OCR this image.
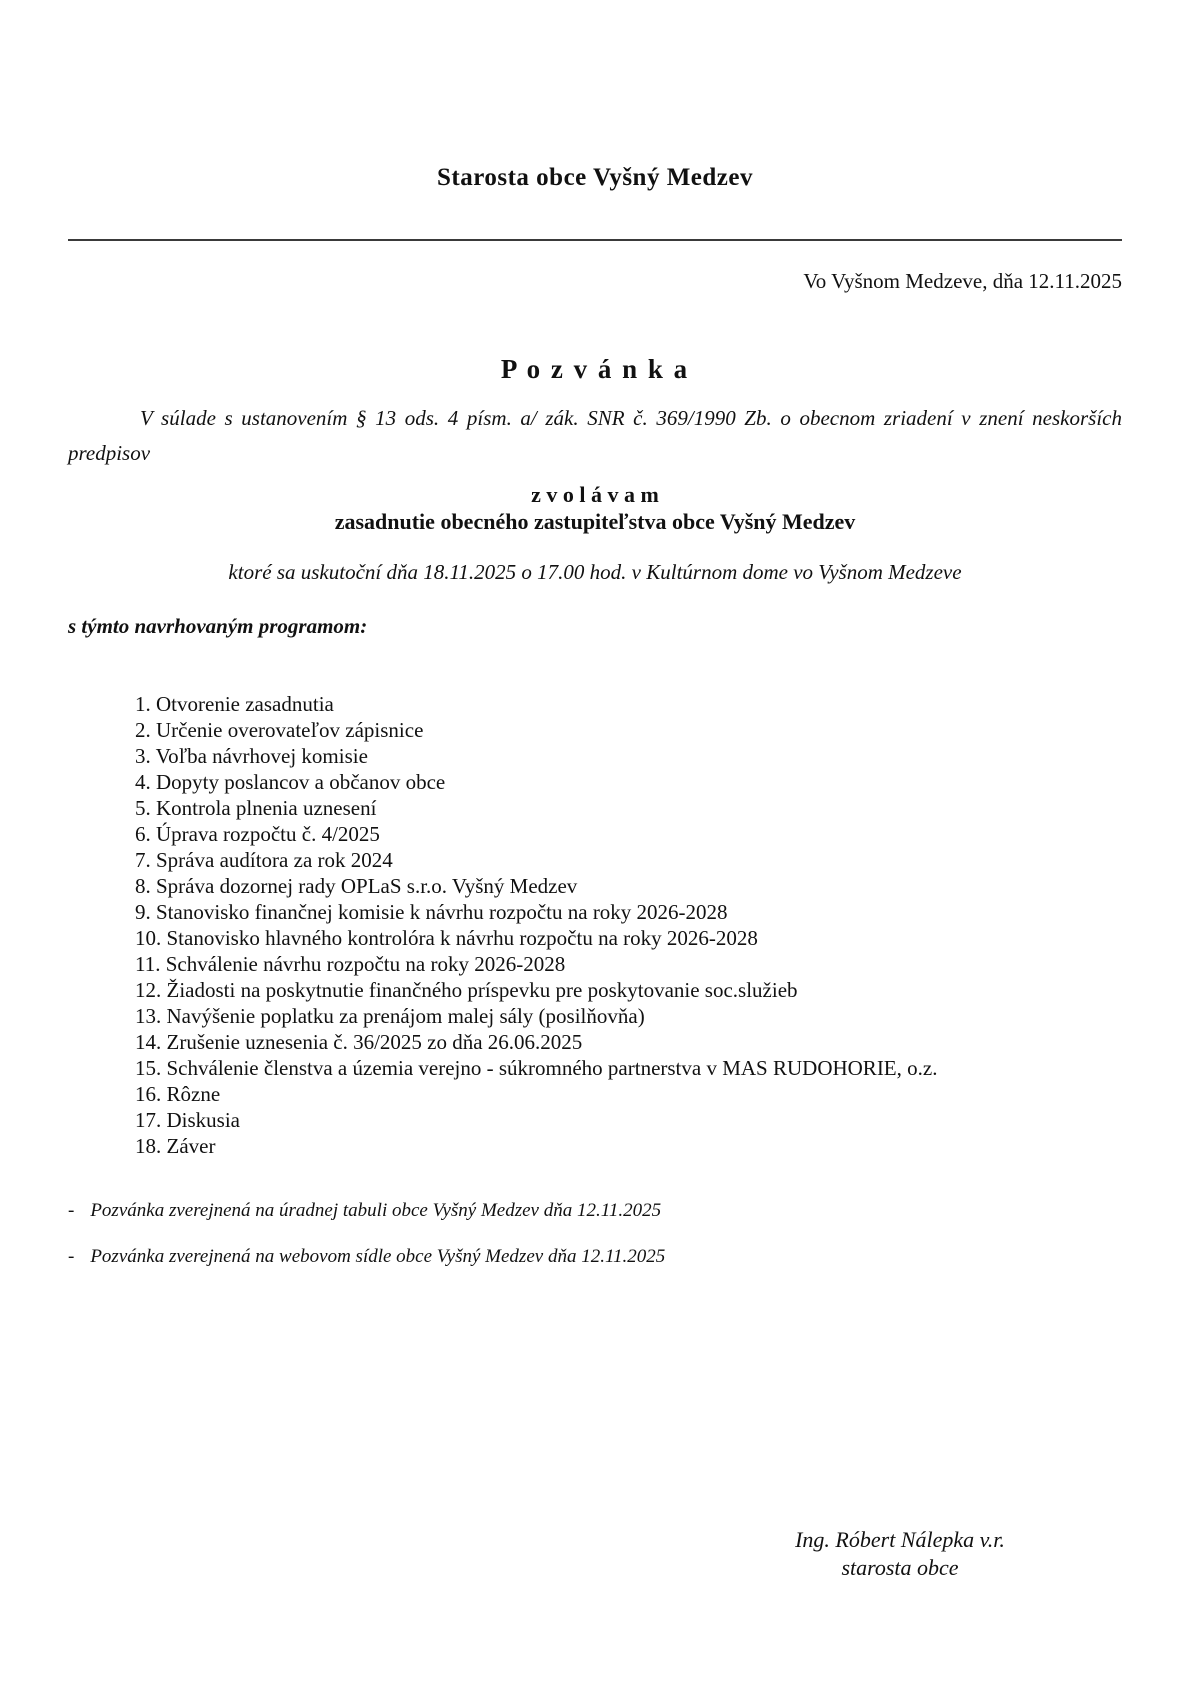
Starosta obce Vyšný Medzev
Vo Vyšnom Medzeve, dňa 12.11.2025
P o z v á n k a

V súlade s ustanovením § 13 ods. 4 písm. a/ zák. SNR č. 369/1990 Zb. o obecnom zriadení v znení neskorších predpisov

z v o l á v a m
zasadnutie obecného zastupiteľstva obce Vyšný Medzev
ktoré sa uskutoční dňa 18.11.2025 o 17.00 hod. v Kultúrnom dome vo Vyšnom Medzeve
s týmto navrhovaným programom:
1. Otvorenie zasadnutia
2. Určenie overovateľov zápisnice
3. Voľba návrhovej komisie
4. Dopyty poslancov a občanov obce
5. Kontrola plnenia uznesení
6. Úprava rozpočtu č. 4/2025
7. Správa audítora za rok 2024
8. Správa dozornej rady OPLaS s.r.o. Vyšný Medzev
9. Stanovisko finančnej komisie k návrhu rozpočtu na roky 2026-2028
10. Stanovisko hlavného kontrolóra k návrhu rozpočtu na roky 2026-2028
11. Schválenie návrhu rozpočtu na roky 2026-2028
12. Žiadosti na poskytnutie finančného príspevku pre poskytovanie soc.služieb
13. Navýšenie poplatku za prenájom malej sály (posilňovňa)
14. Zrušenie uznesenia č. 36/2025 zo dňa 26.06.2025
15. Schválenie členstva a územia verejno - súkromného partnerstva v MAS RUDOHORIE, o.z.
16. Rôzne
17. Diskusia
18. Záver
- Pozvánka zverejnená na úradnej tabuli obce Vyšný Medzev dňa 12.11.2025
- Pozvánka zverejnená na webovom sídle obce Vyšný Medzev dňa 12.11.2025
Ing. Róbert Nálepka v.r.
starosta obce
